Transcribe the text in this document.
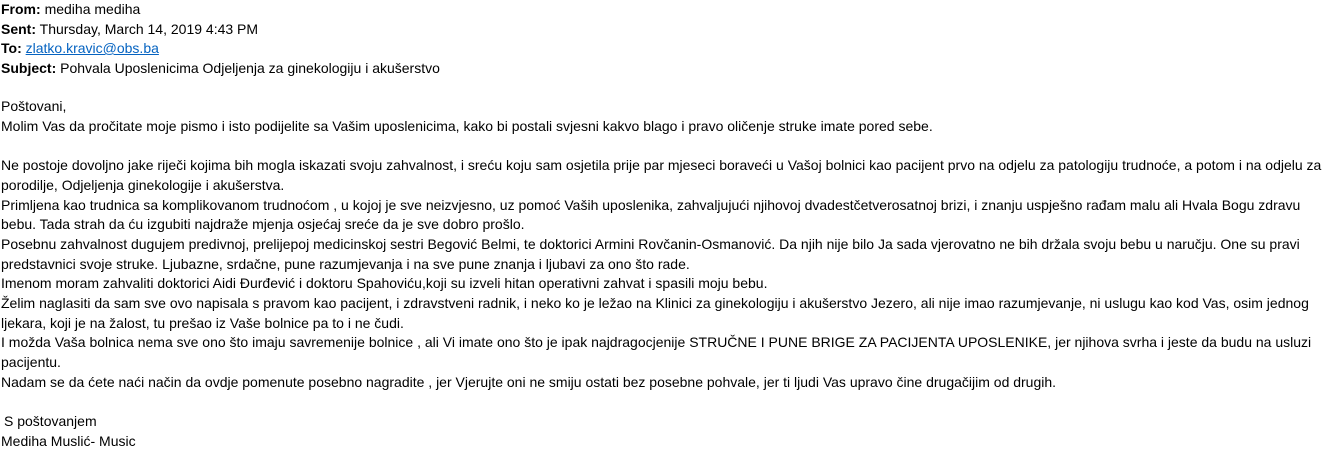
From: mediha mediha
Sent: Thursday, March 14, 2019 4:43 PM
To: zlatko.kravic@obs.ba
Subject: Pohvala Uposlenicima Odjeljenja za ginekologiju i akušerstvo

Poštovani,

Molim Vas da pročitate moje pismo i isto podijelite sa Vašim uposlenicima, kako bi postali svjesni kakvo blago i pravo oličenje struke imate pored sebe.

Ne postoje dovoljno jake riječi kojima bih mogla iskazati svoju zahvalnost, i sreću koju sam osjetila prije par mjeseci boraveći u Vašoj bolnici kao pacijent prvo na odjelu za patologiju trudnoće, a potom i na odjelu za porodilje, Odjeljenja ginekologije i akušerstva.

Primljena kao trudnica sa komplikovanom trudnoćom , u kojoj je sve neizvjesno, uz pomoć Vaših uposlenika, zahvaljujući njihovoj dvadestčetverosatnoj brizi, i znanju uspješno rađam malu ali Hvala Bogu zdravu bebu. Tada strah da ću izgubiti najdraže mjenja osjećaj sreće da je sve dobro prošlo.

Posebnu zahvalnost dugujem predivnoj, prelijepoj medicinskoj sestri Begović Belmi, te doktorici Armini Rovčanin-Osmanović. Da njih nije bilo Ja sada vjerovatno ne bih držala svoju bebu u naručju. One su pravi predstavnici svoje struke. Ljubazne, srdačne, pune razumjevanja i na sve pune znanja i ljubavi za ono što rade.

Imenom moram zahvaliti doktorici Aidi Đurđević i doktoru Spahoviću,koji su izveli hitan operativni zahvat i spasili moju bebu.

Želim naglasiti da sam sve ovo napisala s pravom kao pacijent, i zdravstveni radnik, i neko ko je ležao na Klinici za ginekologiju i akušerstvo Jezero, ali nije imao razumjevanje, ni uslugu kao kod Vas, osim jednog ljekara, koji je na žalost, tu prešao iz Vaše bolnice pa to i ne čudi.

I možda Vaša bolnica nema sve ono što imaju savremenije bolnice , ali Vi imate ono što je ipak najdragocjenije STRUČNE I PUNE BRIGE ZA PACIJENTA UPOSLENIKE, jer njihova svrha i jeste da budu na usluzi pacijentu.

Nadam se da ćete naći način da ovdje pomenute posebno nagradite , jer Vjerujte oni ne smiju ostati bez posebne pohvale, jer ti ljudi Vas upravo čine drugačijim od drugih.

S poštovanjem

Mediha Muslić- Music
